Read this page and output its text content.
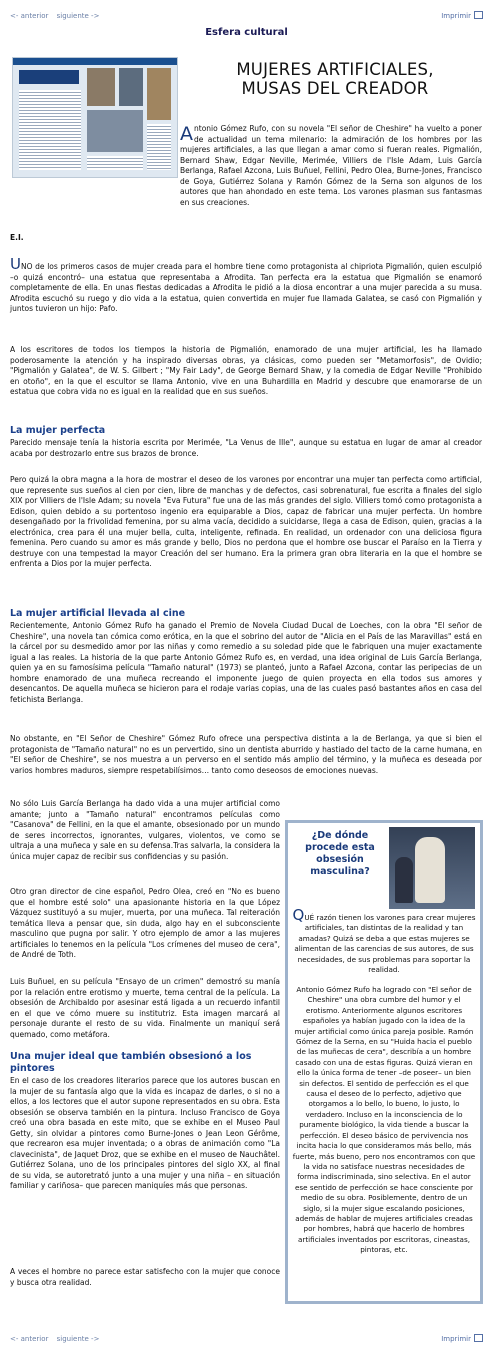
<- anterior siguiente ->	Imprimir
Esfera cultural
MUJERES ARTIFICIALES,
MUSAS DEL CREADOR

Antonio Gómez Rufo, con su novela "El señor de Cheshire" ha vuelto a poner de actualidad un tema milenario: la admiración de los hombres por las mujeres artificiales, a las que llegan a amar como si fueran reales. Pigmalión, Bernard Shaw, Edgar Neville, Merimée, Villiers de l'Isle Adam, Luis García Berlanga, Rafael Azcona, Luis Buñuel, Fellini, Pedro Olea, Burne-Jones, Francisco de Goya, Gutiérrez Solana y Ramón Gómez de la Serna son algunos de los autores que han ahondado en este tema. Los varones plasman sus fantasmas en sus creaciones.

E.I.

UNO de los primeros casos de mujer creada para el hombre tiene como protagonista al chipriota Pigmalión, quien esculpió –o quizá encontró– una estatua que representaba a Afrodita. Tan perfecta era la estatua que Pigmalión se enamoró completamente de ella. En unas fiestas dedicadas a Afrodita le pidió a la diosa encontrar a una mujer parecida a su musa. Afrodita escuchó su ruego y dio vida a la estatua, quien convertida en mujer fue llamada Galatea, se casó con Pigmalión y juntos tuvieron un hijo: Pafo.

A los escritores de todos los tiempos la historia de Pigmalión, enamorado de una mujer artificial, les ha llamado poderosamente la atención y ha inspirado diversas obras, ya clásicas, como pueden ser "Metamorfosis", de Ovidio; "Pigmalión y Galatea", de W. S. Gilbert ; "My Fair Lady", de George Bernard Shaw, y la comedia de Edgar Neville "Prohibido en otoño", en la que el escultor se llama Antonio, vive en una Buhardilla en Madrid y descubre que enamorarse de un estatua que cobra vida no es igual en la realidad que en sus sueños.

La mujer perfecta

Parecido mensaje tenía la historia escrita por Merimée, "La Venus de Ille", aunque su estatua en lugar de amar al creador acaba por destrozarlo entre sus brazos de bronce.

Pero quizá la obra magna a la hora de mostrar el deseo de los varones por encontrar una mujer tan perfecta como artificial, que represente sus sueños al cien por cien, libre de manchas y de defectos, casi sobrenatural, fue escrita a finales del siglo XIX por Villiers de l'Isle Adam; su novela "Eva Futura" fue una de las más grandes del siglo. Villiers tomó como protagonista a Edison, quien debido a su portentoso ingenio era equiparable a Dios, capaz de fabricar una mujer perfecta. Un hombre desengañado por la frivolidad femenina, por su alma vacía, decidido a suicidarse, llega a casa de Edison, quien, gracias a la electrónica, crea para él una mujer bella, culta, inteligente, refinada. En realidad, un ordenador con una deliciosa figura femenina. Pero cuando su amor es más grande y bello, Dios no perdona que el hombre ose buscar el Paraíso en la Tierra y destruye con una tempestad la mayor Creación del ser humano. Era la primera gran obra literaria en la que el hombre se enfrenta a Dios por la mujer perfecta.

La mujer artificial llevada al cine

Recientemente, Antonio Gómez Rufo ha ganado el Premio de Novela Ciudad Ducal de Loeches, con la obra "El señor de Cheshire", una novela tan cómica como erótica, en la que el sobrino del autor de "Alicia en el País de las Maravillas" está en la cárcel por su desmedido amor por las niñas y como remedio a su soledad pide que le fabriquen una mujer exactamente igual a las reales. La historia de la que parte Antonio Gómez Rufo es, en verdad, una idea original de Luis García Berlanga, quien ya en su famosísima película "Tamaño natural" (1973) se planteó, junto a Rafael Azcona, contar las peripecias de un hombre enamorado de una muñeca recreando el imponente juego de quien proyecta en ella todos sus amores y desencantos. De aquella muñeca se hicieron para el rodaje varias copias, una de las cuales pasó bastantes años en casa del fetichista Berlanga.

No obstante, en "El Señor de Cheshire" Gómez Rufo ofrece una perspectiva distinta a la de Berlanga, ya que si bien el protagonista de "Tamaño natural" no es un pervertido, sino un dentista aburrido y hastiado del tacto de la carne humana, en "El señor de Cheshire", se nos muestra a un perverso en el sentido más amplio del término, y la muñeca es deseada por varios hombres maduros, siempre respetabilísimos… tanto como deseosos de emociones nuevas.

No sólo Luis García Berlanga ha dado vida a una mujer artificial como amante; junto a "Tamaño natural" encontramos películas como "Casanova" de Fellini, en la que el amante, obsesionado por un mundo de seres incorrectos, ignorantes, vulgares, violentos, ve como se ultraja a una muñeca y sale en su defensa.Tras salvarla, la considera la única mujer capaz de recibir sus confidencias y su pasión.

Otro gran director de cine español, Pedro Olea, creó en "No es bueno que el hombre esté solo" una apasionante historia en la que López Vázquez sustituyó a su mujer, muerta, por una muñeca. Tal reiteración temática lleva a pensar que, sin duda, algo hay en el subconsciente masculino que pugna por salir. Y otro ejemplo de amor a las mujeres artificiales lo tenemos en la película "Los crímenes del museo de cera", de André de Toth.

Luis Buñuel, en su película "Ensayo de un crimen" demostró su manía por la relación entre erotismo y muerte, tema central de la película. La obsesión de Archibaldo por asesinar está ligada a un recuerdo infantil en el que ve cómo muere su institutriz. Esta imagen marcará al personaje durante el resto de su vida. Finalmente un maniquí será quemado, como metáfora.

Una mujer ideal que también obsesionó a los pintores

En el caso de los creadores literarios parece que los autores buscan en la mujer de su fantasía algo que la vida es incapaz de darles, o si no a ellos, a los lectores que el autor supone representados en su obra. Esta obsesión se observa también en la pintura. Incluso Francisco de Goya creó una obra basada en este mito, que se exhibe en el Museo Paul Getty, sin olvidar a pintores como Burne-Jones o Jean Leon Gérôme, que recrearon esa mujer inventada; o a obras de animación como "La clavecinista", de Jaquet Droz, que se exhibe en el museo de Nauchâtel. Gutiérrez Solana, uno de los principales pintores del siglo XX, al final de su vida, se autoretrató junto a una mujer y una niña – en situación familiar y cariñosa– que parecen maniquíes más que personas.

A veces el hombre no parece estar satisfecho con la mujer que conoce y busca otra realidad.

¿De dónde procede esta obsesión masculina?

QUÉ razón tienen los varones para crear mujeres artificiales, tan distintas de la realidad y tan amadas? Quizá se deba a que estas mujeres se alimentan de las carencias de sus autores, de sus necesidades, de sus problemas para soportar la realidad.

Antonio Gómez Rufo ha logrado con "El señor de Cheshire" una obra cumbre del humor y el erotismo. Anteriormente algunos escritores españoles ya habían jugado con la idea de la mujer artificial como única pareja posible. Ramón Gómez de la Serna, en su "Huida hacia el pueblo de las muñecas de cera", describía a un hombre casado con una de estas figuras. Quizá vieran en ello la única forma de tener –de poseer– un bien sin defectos. El sentido de perfección es el que causa el deseo de lo perfecto, adjetivo que otorgamos a lo bello, lo bueno, lo justo, lo verdadero. Incluso en la inconsciencia de lo puramente biológico, la vida tiende a buscar la perfección. El deseo básico de pervivencia nos incita hacia lo que consideramos más bello, más fuerte, más bueno, pero nos encontramos con que la vida no satisface nuestras necesidades de forma indiscriminada, sino selectiva. En el autor ese sentido de perfección se hace consciente por medio de su obra. Posiblemente, dentro de un siglo, si la mujer sigue escalando posiciones, además de hablar de mujeres artificiales creadas por hombres, habrá que hacerlo de hombres artificiales inventados por escritoras, cineastas, pintoras, etc.

<- anterior siguiente ->	Imprimir
